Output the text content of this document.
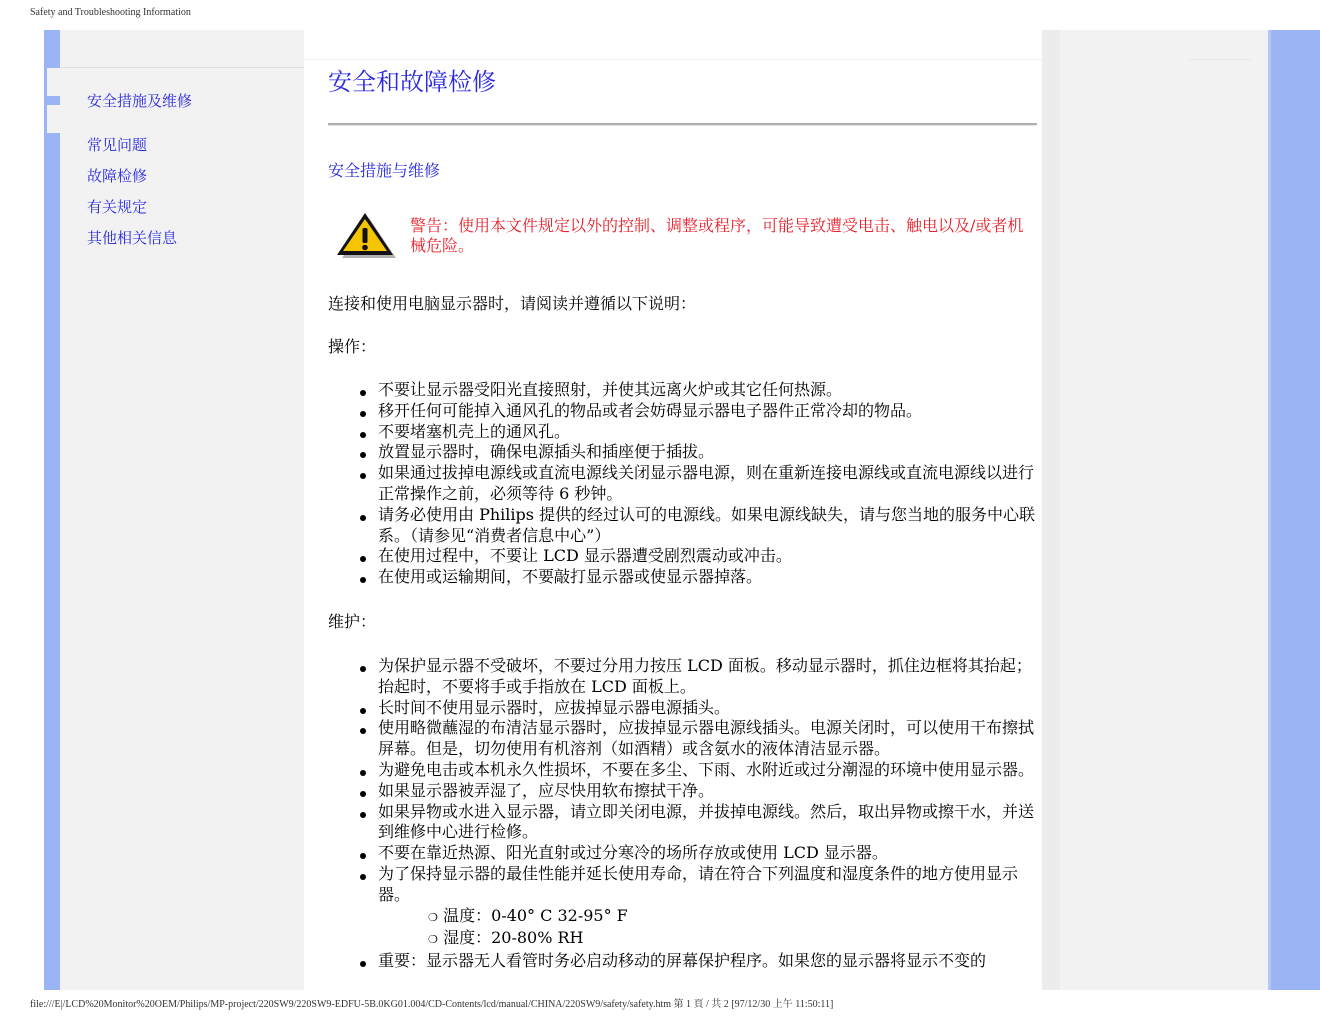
Safety and Troubleshooting Information
安全措施及维修
常见问题
故障检修
有关规定
其他相关信息
安全和故障检修
安全措施与维修
警告：使用本文件规定以外的控制、调整或程序，可能导致遭受电击、触电以及/或者机械危险。
连接和使用电脑显示器时，请阅读并遵循以下说明：
操作：
不要让显示器受阳光直接照射，并使其远离火炉或其它任何热源。
移开任何可能掉入通风孔的物品或者会妨碍显示器电子器件正常冷却的物品。
不要堵塞机壳上的通风孔。
放置显示器时，确保电源插头和插座便于插拔。
如果通过拔掉电源线或直流电源线关闭显示器电源，则在重新连接电源线或直流电源线以进行正常操作之前，必须等待 6 秒钟。
请务必使用由 Philips 提供的经过认可的电源线。如果电源线缺失，请与您当地的服务中心联系。（请参见“消费者信息中心”）
在使用过程中，不要让 LCD 显示器遭受剧烈震动或冲击。
在使用或运输期间，不要敲打显示器或使显示器掉落。
维护：
为保护显示器不受破坏，不要过分用力按压 LCD 面板。移动显示器时，抓住边框将其抬起；抬起时，不要将手或手指放在 LCD 面板上。
长时间不使用显示器时，应拔掉显示器电源插头。
使用略微蘸湿的布清洁显示器时，应拔掉显示器电源线插头。电源关闭时，可以使用干布擦拭屏幕。但是，切勿使用有机溶剂（如酒精）或含氨水的液体清洁显示器。
为避免电击或本机永久性损坏，不要在多尘、下雨、水附近或过分潮湿的环境中使用显示器。
如果显示器被弄湿了，应尽快用软布擦拭干净。
如果异物或水进入显示器，请立即关闭电源，并拔掉电源线。然后，取出异物或擦干水，并送到维修中心进行检修。
不要在靠近热源、阳光直射或过分寒冷的场所存放或使用 LCD 显示器。
为了保持显示器的最佳性能并延长使用寿命，请在符合下列温度和湿度条件的地方使用显示器。
❍ 温度：0-40° C 32-95° F
❍ 湿度：20-80% RH
重要：显示器无人看管时务必启动移动的屏幕保护程序。如果您的显示器将显示不变的
file:///E|/LCD%20Monitor%20OEM/Philips/MP-project/220SW9/220SW9-EDFU-5B.0KG01.004/CD-Contents/lcd/manual/CHINA/220SW9/safety/safety.htm 第 1 頁 / 共 2 [97/12/30 上午 11:50:11]
